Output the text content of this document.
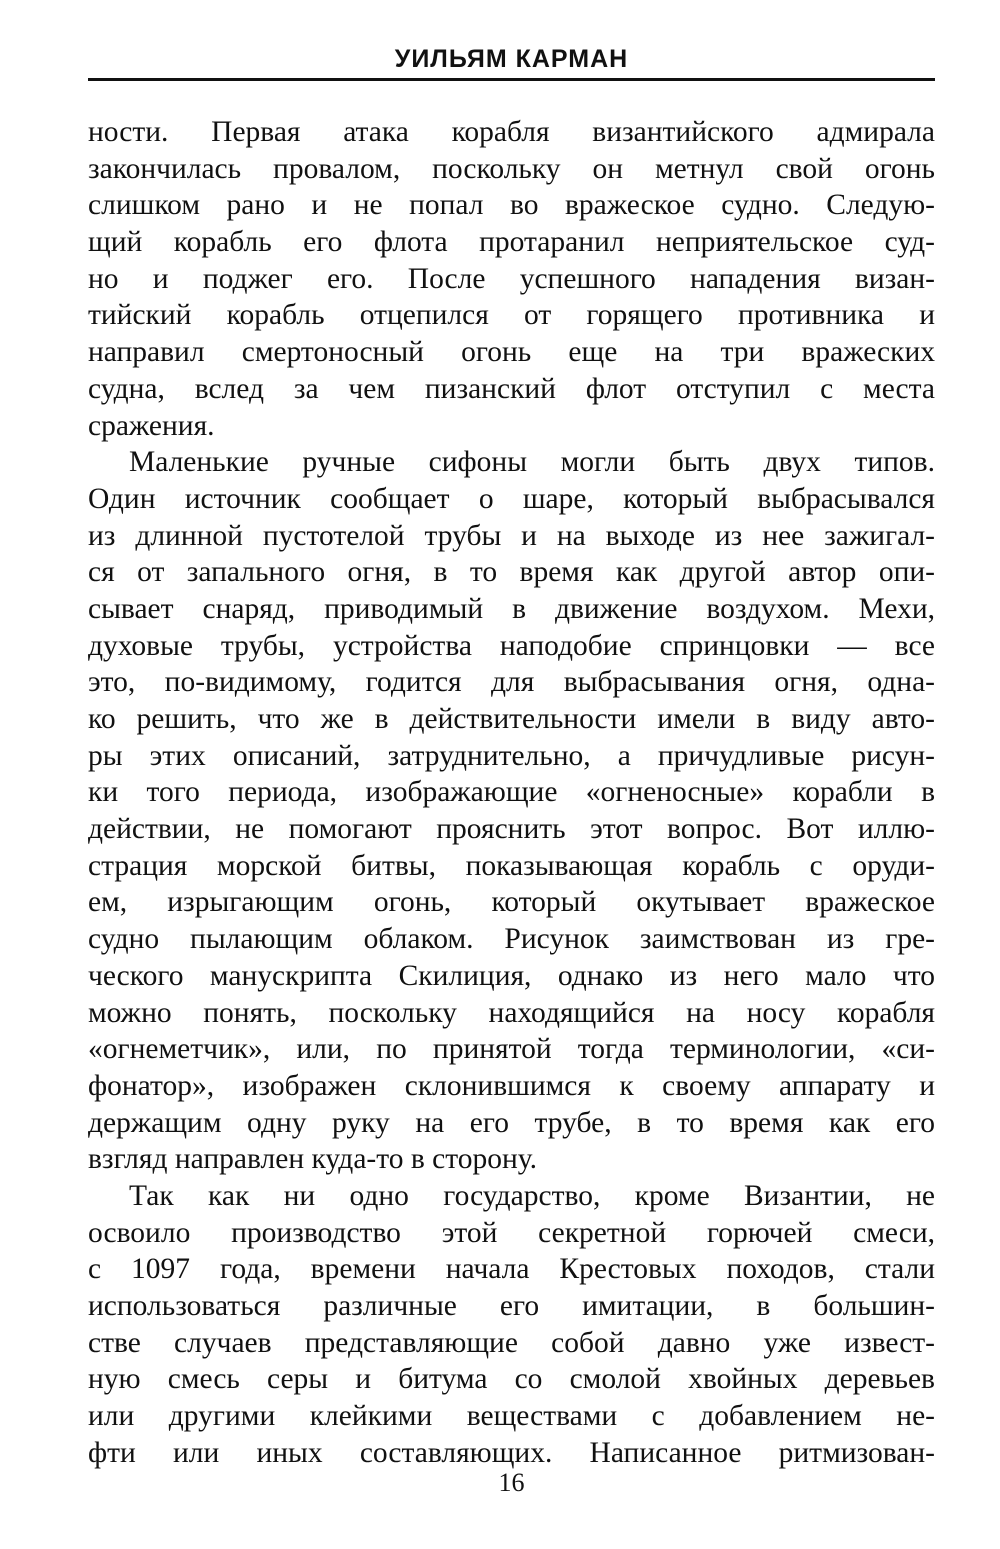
УИЛЬЯМ КАРМАН
ности. Первая атака корабля византийского адмирала
закончилась провалом, поскольку он метнул свой огонь
слишком рано и не попал во вражеское судно. Следую-
щий корабль его флота протаранил неприятельское суд-
но и поджег его. После успешного нападения визан-
тийский корабль отцепился от горящего противника и
направил смертоносный огонь еще на три вражеских
судна, вслед за чем пизанский флот отступил с места
сражения.
Маленькие ручные сифоны могли быть двух типов.
Один источник сообщает о шаре, который выбрасывался
из длинной пустотелой трубы и на выходе из нее зажигал-
ся от запального огня, в то время как другой автор опи-
сывает снаряд, приводимый в движение воздухом. Мехи,
духовые трубы, устройства наподобие спринцовки — все
это, по-видимому, годится для выбрасывания огня, одна-
ко решить, что же в действительности имели в виду авто-
ры этих описаний, затруднительно, а причудливые рисун-
ки того периода, изображающие «огненосные» корабли в
действии, не помогают прояснить этот вопрос. Вот иллю-
страция морской битвы, показывающая корабль с оруди-
ем, изрыгающим огонь, который окутывает вражеское
судно пылающим облаком. Рисунок заимствован из гре-
ческого манускрипта Скилиция, однако из него мало что
можно понять, поскольку находящийся на носу корабля
«огнеметчик», или, по принятой тогда терминологии, «си-
фонатор», изображен склонившимся к своему аппарату и
держащим одну руку на его трубе, в то время как его
взгляд направлен куда-то в сторону.
Так как ни одно государство, кроме Византии, не
освоило производство этой секретной горючей смеси,
с 1097 года, времени начала Крестовых походов, стали
использоваться различные его имитации, в большин-
стве случаев представляющие собой давно уже извест-
ную смесь серы и битума со смолой хвойных деревьев
или другими клейкими веществами с добавлением не-
фти или иных составляющих. Написанное ритмизован-
16
